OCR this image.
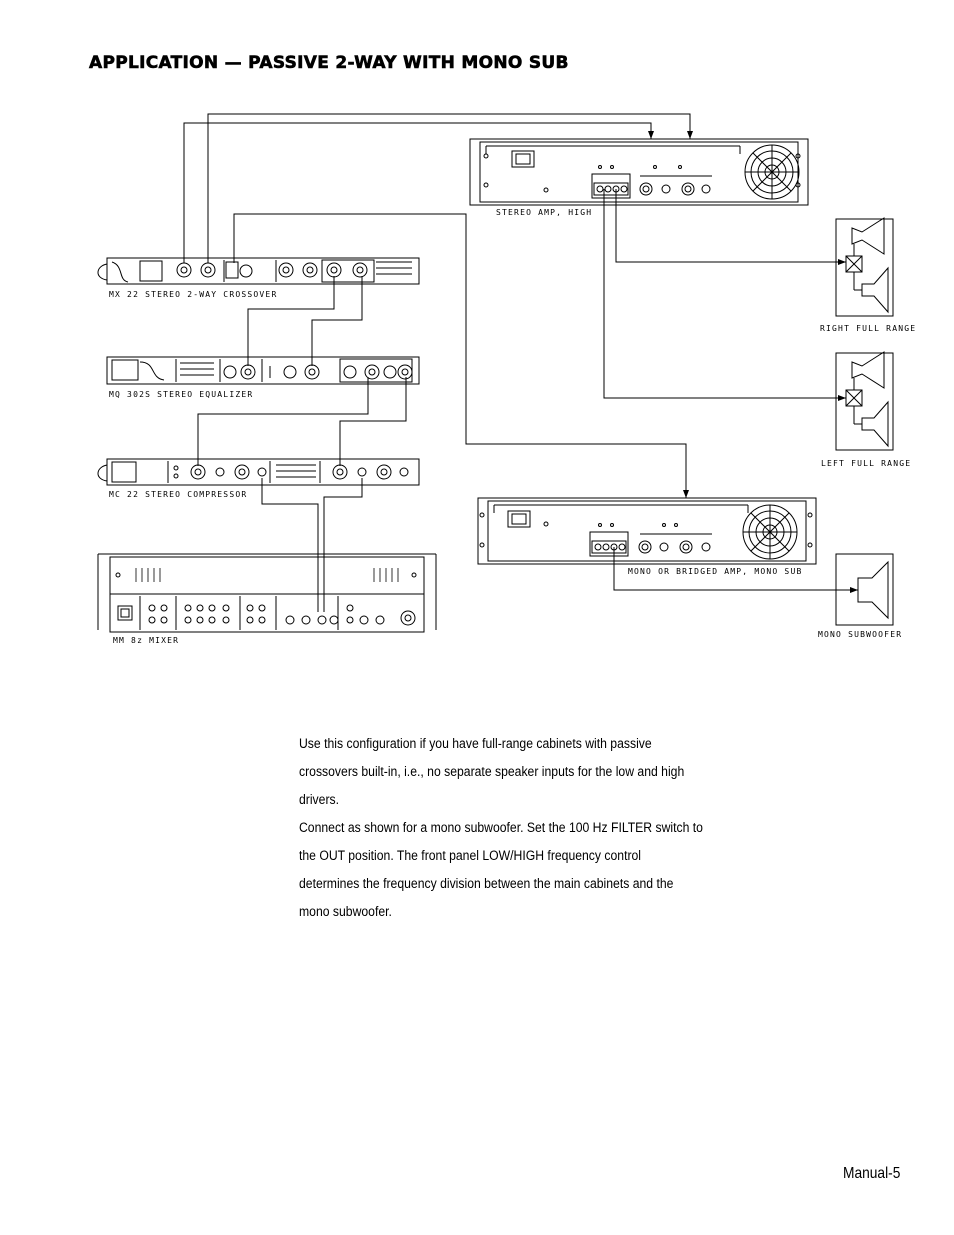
APPLICATION — PASSIVE 2-WAY WITH MONO SUB
STEREO AMP, HIGH
MX 22 STEREO 2-WAY CROSSOVER
MQ 302S STEREO EQUALIZER
MC 22 STEREO COMPRESSOR
MM 8z MIXER
MONO OR BRIDGED AMP, MONO SUB
RIGHT FULL RANGE
LEFT FULL RANGE
MONO SUBWOOFER

Use this configuration if you have full-range cabinets with passive crossovers built-in, i.e., no separate speaker inputs for the low and high drivers.

Connect as shown for a mono subwoofer. Set the 100 Hz FILTER switch to the OUT position. The front panel LOW/HIGH frequency control determines the frequency division between the main cabinets and the mono subwoofer.

Manual-5
